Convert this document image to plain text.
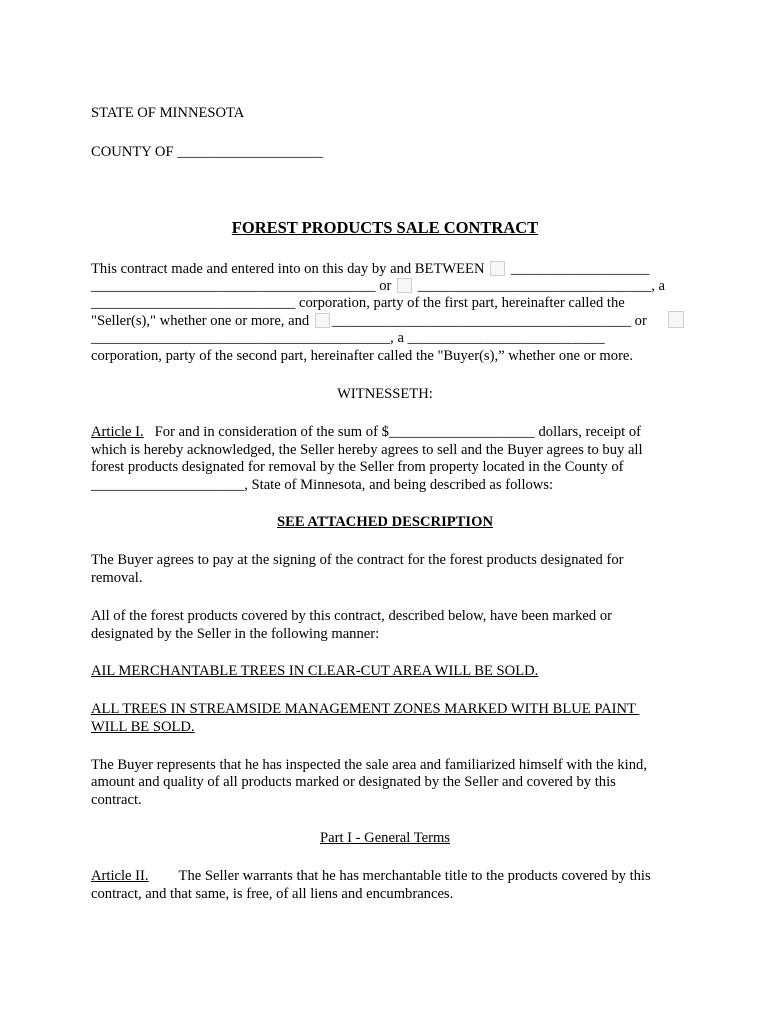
STATE OF MINNESOTA
COUNTY OF ____________________
FOREST PRODUCTS SALE CONTRACT
This contract made and entered into on this day by and BETWEEN ___________________
_______________________________________ or ________________________________, a
____________________________ corporation, party of the first part, hereinafter called the
"Seller(s)," whether one or more, and _________________________________________ or
_________________________________________, a ___________________________
corporation, party of the second part, hereinafter called the "Buyer(s),” whether one or more.
WITNESSETH:
Article I.   For and in consideration of the sum of $____________________ dollars, receipt of
which is hereby acknowledged, the Seller hereby agrees to sell and the Buyer agrees to buy all
forest products designated for removal by the Seller from property located in the County of
_____________________, State of Minnesota, and being described as follows:
SEE ATTACHED DESCRIPTION
The Buyer agrees to pay at the signing of the contract for the forest products designated for
removal.
All of the forest products covered by this contract, described below, have been marked or
designated by the Seller in the following manner:
AIL MERCHANTABLE TREES IN CLEAR-CUT AREA WILL BE SOLD.
ALL TREES IN STREAMSIDE MANAGEMENT ZONES MARKED WITH BLUE PAINT
WILL BE SOLD.
The Buyer represents that he has inspected the sale area and familiarized himself with the kind,
amount and quality of all products marked or designated by the Seller and covered by this
contract.
Part I - General Terms
Article II. The Seller warrants that he has merchantable title to the products covered by this
contract, and that same, is free, of all liens and encumbrances.
